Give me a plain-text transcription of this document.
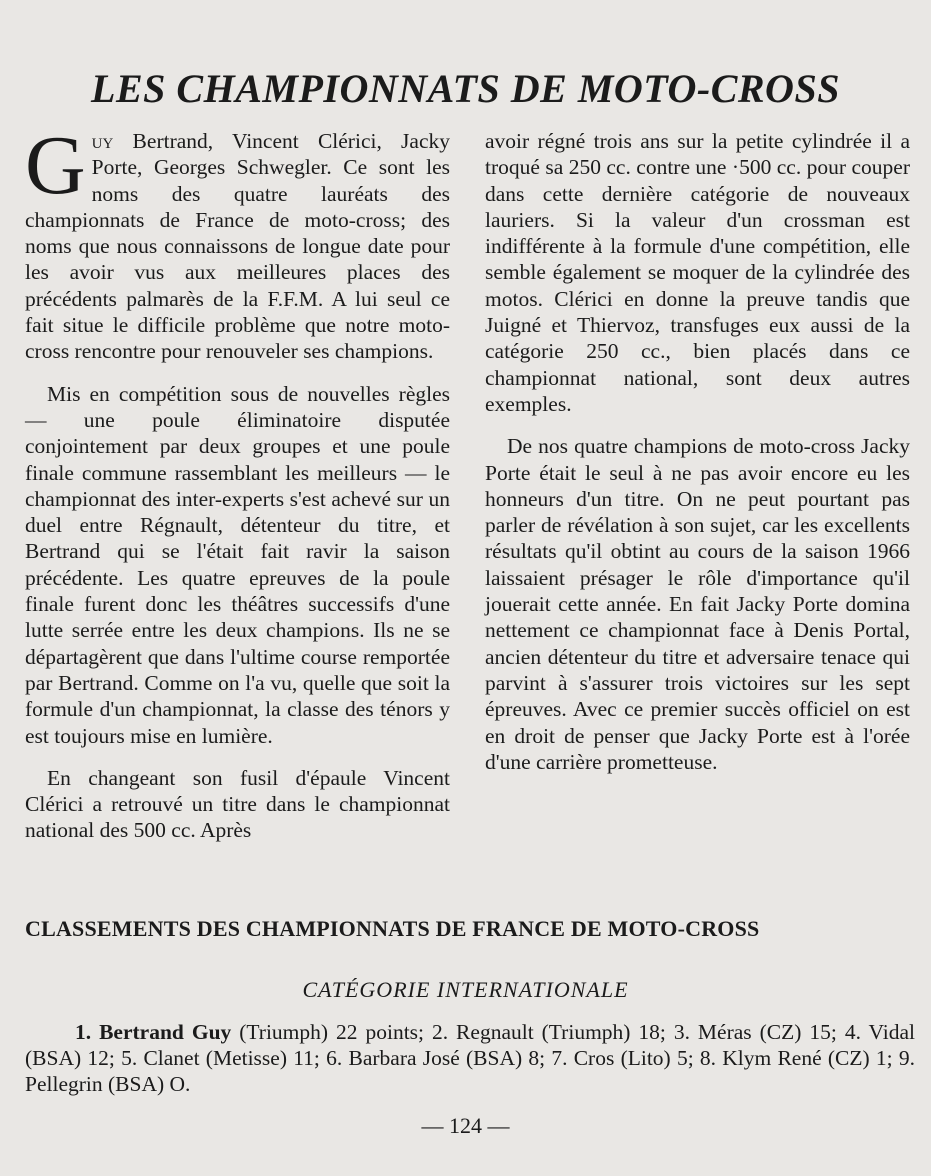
LES CHAMPIONNATS DE MOTO-CROSS

Guy Bertrand, Vincent Clérici, Jacky Porte, Georges Schwegler. Ce sont les noms des quatre lauréats des championnats de France de moto-cross; des noms que nous connaissons de longue date pour les avoir vus aux meilleures places des précédents palmarès de la F.F.M. A lui seul ce fait situe le difficile problème que notre moto-cross rencontre pour renouveler ses champions.

Mis en compétition sous de nouvelles règles — une poule éliminatoire disputée conjointement par deux groupes et une poule finale commune rassemblant les meilleurs — le championnat des inter-experts s'est achevé sur un duel entre Régnault, détenteur du titre, et Bertrand qui se l'était fait ravir la saison précédente. Les quatre epreuves de la poule finale furent donc les théâtres successifs d'une lutte serrée entre les deux champions. Ils ne se départagèrent que dans l'ultime course remportée par Bertrand. Comme on l'a vu, quelle que soit la formule d'un championnat, la classe des ténors y est toujours mise en lumière.

En changeant son fusil d'épaule Vincent Clérici a retrouvé un titre dans le championnat national des 500 cc. Après

avoir régné trois ans sur la petite cylindrée il a troqué sa 250 cc. contre une ·500 cc. pour couper dans cette dernière catégorie de nouveaux lauriers. Si la valeur d'un crossman est indifférente à la formule d'une compétition, elle semble également se moquer de la cylindrée des motos. Clérici en donne la preuve tandis que Juigné et Thiervoz, transfuges eux aussi de la catégorie 250 cc., bien placés dans ce championnat national, sont deux autres exemples.

De nos quatre champions de moto-cross Jacky Porte était le seul à ne pas avoir encore eu les honneurs d'un titre. On ne peut pourtant pas parler de révélation à son sujet, car les excellents résultats qu'il obtint au cours de la saison 1966 laissaient présager le rôle d'importance qu'il jouerait cette année. En fait Jacky Porte domina nettement ce championnat face à Denis Portal, ancien détenteur du titre et adversaire tenace qui parvint à s'assurer trois victoires sur les sept épreuves. Avec ce premier succès officiel on est en droit de penser que Jacky Porte est à l'orée d'une carrière prometteuse.

CLASSEMENTS DES CHAMPIONNATS DE FRANCE DE MOTO-CROSS
CATÉGORIE INTERNATIONALE
1. Bertrand Guy (Triumph) 22 points; 2. Regnault (Triumph) 18; 3. Méras (CZ) 15; 4. Vidal (BSA) 12; 5. Clanet (Metisse) 11; 6. Barbara José (BSA) 8; 7. Cros (Lito) 5; 8. Klym René (CZ) 1; 9. Pellegrin (BSA) O.
— 124 —
